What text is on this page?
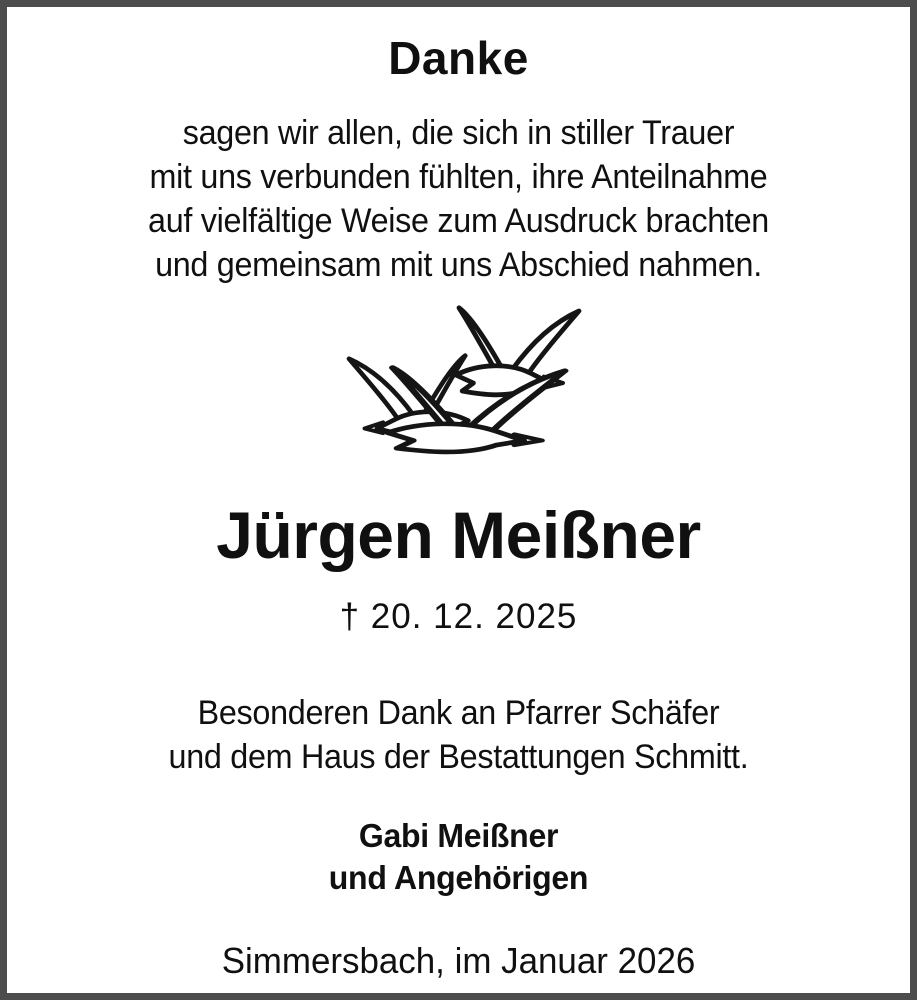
Danke

sagen wir allen, die sich in stiller Trauer
mit uns verbunden fühlten, ihre Anteilnahme
auf vielfältige Weise zum Ausdruck brachten
und gemeinsam mit uns Abschied nahmen.

Jürgen Meißner
† 20. 12. 2025

Besonderen Dank an Pfarrer Schäfer
und dem Haus der Bestattungen Schmitt.

Gabi Meißner
und Angehörigen

Simmersbach, im Januar 2026
